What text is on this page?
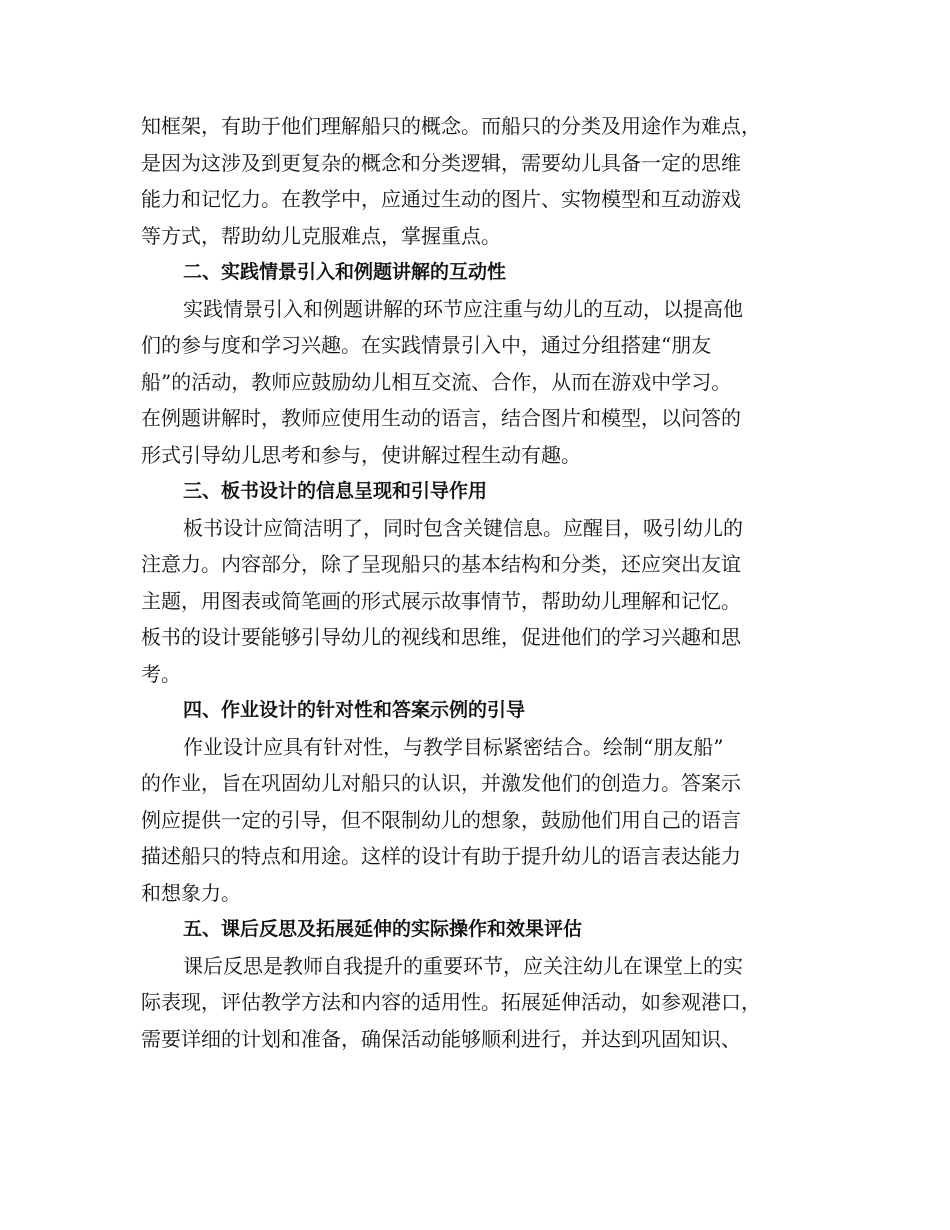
知框架，有助于他们理解船只的概念。而船只的分类及用途作为难点，
是因为这涉及到更复杂的概念和分类逻辑，需要幼儿具备一定的思维
能力和记忆力。在教学中，应通过生动的图片、实物模型和互动游戏
等方式，帮助幼儿克服难点，掌握重点。
二、实践情景引入和例题讲解的互动性
实践情景引入和例题讲解的环节应注重与幼儿的互动，以提高他
们的参与度和学习兴趣。在实践情景引入中，通过分组搭建“朋友
船”的活动，教师应鼓励幼儿相互交流、合作，从而在游戏中学习。
在例题讲解时，教师应使用生动的语言，结合图片和模型，以问答的
形式引导幼儿思考和参与，使讲解过程生动有趣。
三、板书设计的信息呈现和引导作用
板书设计应简洁明了，同时包含关键信息。应醒目，吸引幼儿的
注意力。内容部分，除了呈现船只的基本结构和分类，还应突出友谊
主题，用图表或简笔画的形式展示故事情节，帮助幼儿理解和记忆。
板书的设计要能够引导幼儿的视线和思维，促进他们的学习兴趣和思
考。
四、作业设计的针对性和答案示例的引导
作业设计应具有针对性，与教学目标紧密结合。绘制“朋友船”
的作业，旨在巩固幼儿对船只的认识，并激发他们的创造力。答案示
例应提供一定的引导，但不限制幼儿的想象，鼓励他们用自己的语言
描述船只的特点和用途。这样的设计有助于提升幼儿的语言表达能力
和想象力。
五、课后反思及拓展延伸的实际操作和效果评估
课后反思是教师自我提升的重要环节，应关注幼儿在课堂上的实
际表现，评估教学方法和内容的适用性。拓展延伸活动，如参观港口，
需要详细的计划和准备，确保活动能够顺利进行，并达到巩固知识、
